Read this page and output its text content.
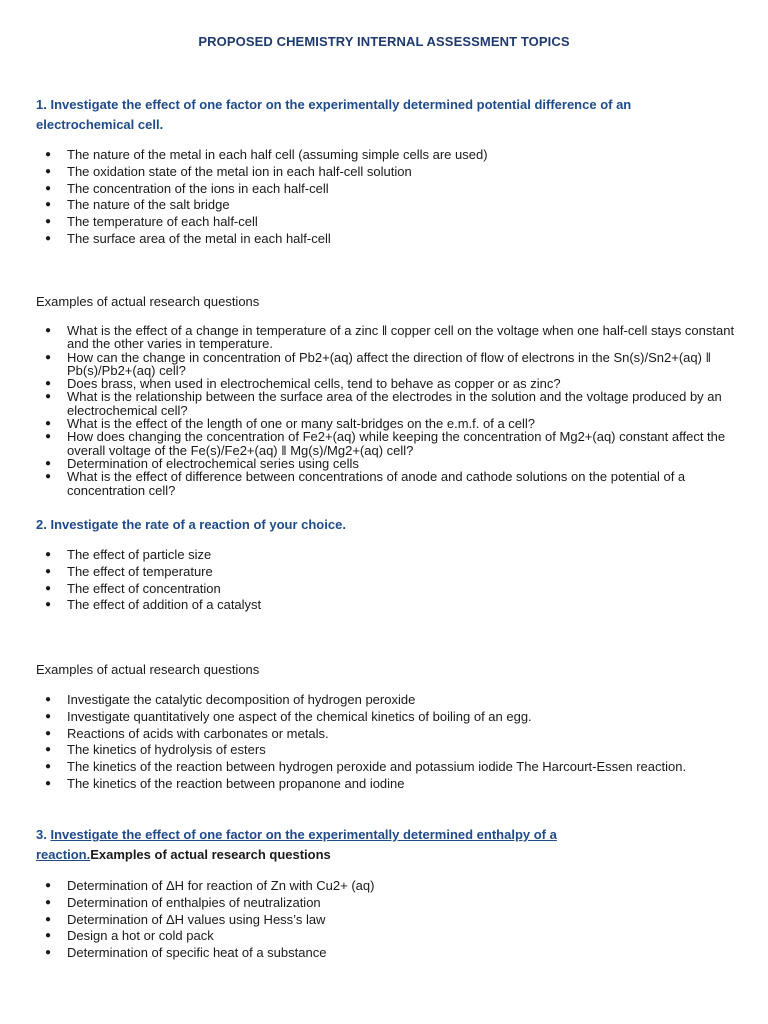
PROPOSED CHEMISTRY INTERNAL ASSESSMENT TOPICS
1. Investigate the effect of one factor on the experimentally determined potential difference of an electrochemical cell.
● The nature of the metal in each half cell (assuming simple cells are used)
● The oxidation state of the metal ion in each half-cell solution
● The concentration of the ions in each half-cell
● The nature of the salt bridge
● The temperature of each half-cell
● The surface area of the metal in each half-cell
Examples of actual research questions
● What is the effect of a change in temperature of a zinc ‖ copper cell on the voltage when one half-cell stays constant and the other varies in temperature.
● How can the change in concentration of Pb2+(aq) affect the direction of flow of electrons in the Sn(s)/Sn2+(aq) ‖ Pb(s)/Pb2+(aq) cell?
● Does brass, when used in electrochemical cells, tend to behave as copper or as zinc?
● What is the relationship between the surface area of the electrodes in the solution and the voltage produced by an electrochemical cell?
● What is the effect of the length of one or many salt-bridges on the e.m.f. of a cell?
● How does changing the concentration of Fe2+(aq) while keeping the concentration of Mg2+(aq) constant affect the overall voltage of the Fe(s)/Fe2+(aq) ‖ Mg(s)/Mg2+(aq) cell?
● Determination of electrochemical series using cells
● What is the effect of difference between concentrations of anode and cathode solutions on the potential of a concentration cell?
2. Investigate the rate of a reaction of your choice.
● The effect of particle size
● The effect of temperature
● The effect of concentration
● The effect of addition of a catalyst
Examples of actual research questions
● Investigate the catalytic decomposition of hydrogen peroxide
● Investigate quantitatively one aspect of the chemical kinetics of boiling of an egg.
● Reactions of acids with carbonates or metals.
● The kinetics of hydrolysis of esters
● The kinetics of the reaction between hydrogen peroxide and potassium iodide The Harcourt-Essen reaction.
● The kinetics of the reaction between propanone and iodine
3. Investigate the effect of one factor on the experimentally determined enthalpy of a reaction.Examples of actual research questions
● Determination of ΔH for reaction of Zn with Cu2+ (aq)
● Determination of enthalpies of neutralization
● Determination of ΔH values using Hess’s law
● Design a hot or cold pack
● Determination of specific heat of a substance
